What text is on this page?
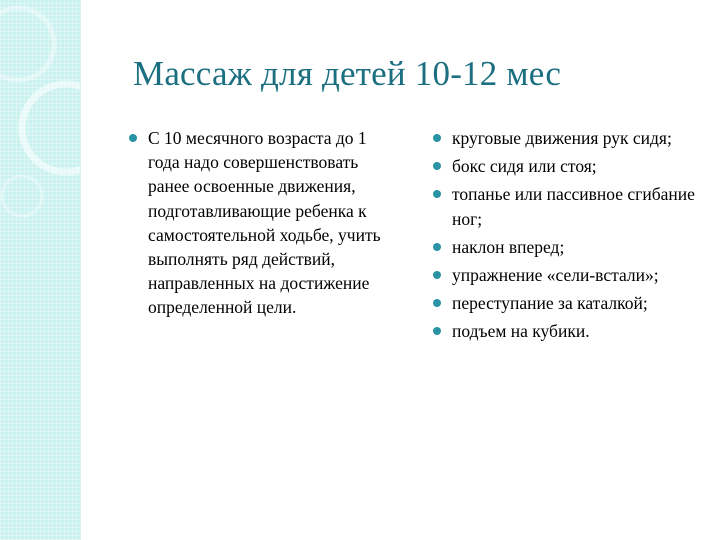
Массаж для детей 10-12 мес
С 10 месячного возраста до 1 года надо совершенствовать ранее освоенные движения, подготавливающие ребенка к самостоятельной ходьбе, учить выполнять ряд действий, направленных на достижение определенной цели.
круговые движения рук сидя;
бокс сидя или стоя;
топанье или пассивное сгибание ног;
наклон вперед;
упражнение «сели-встали»;
переступание за каталкой;
подъем на кубики.
